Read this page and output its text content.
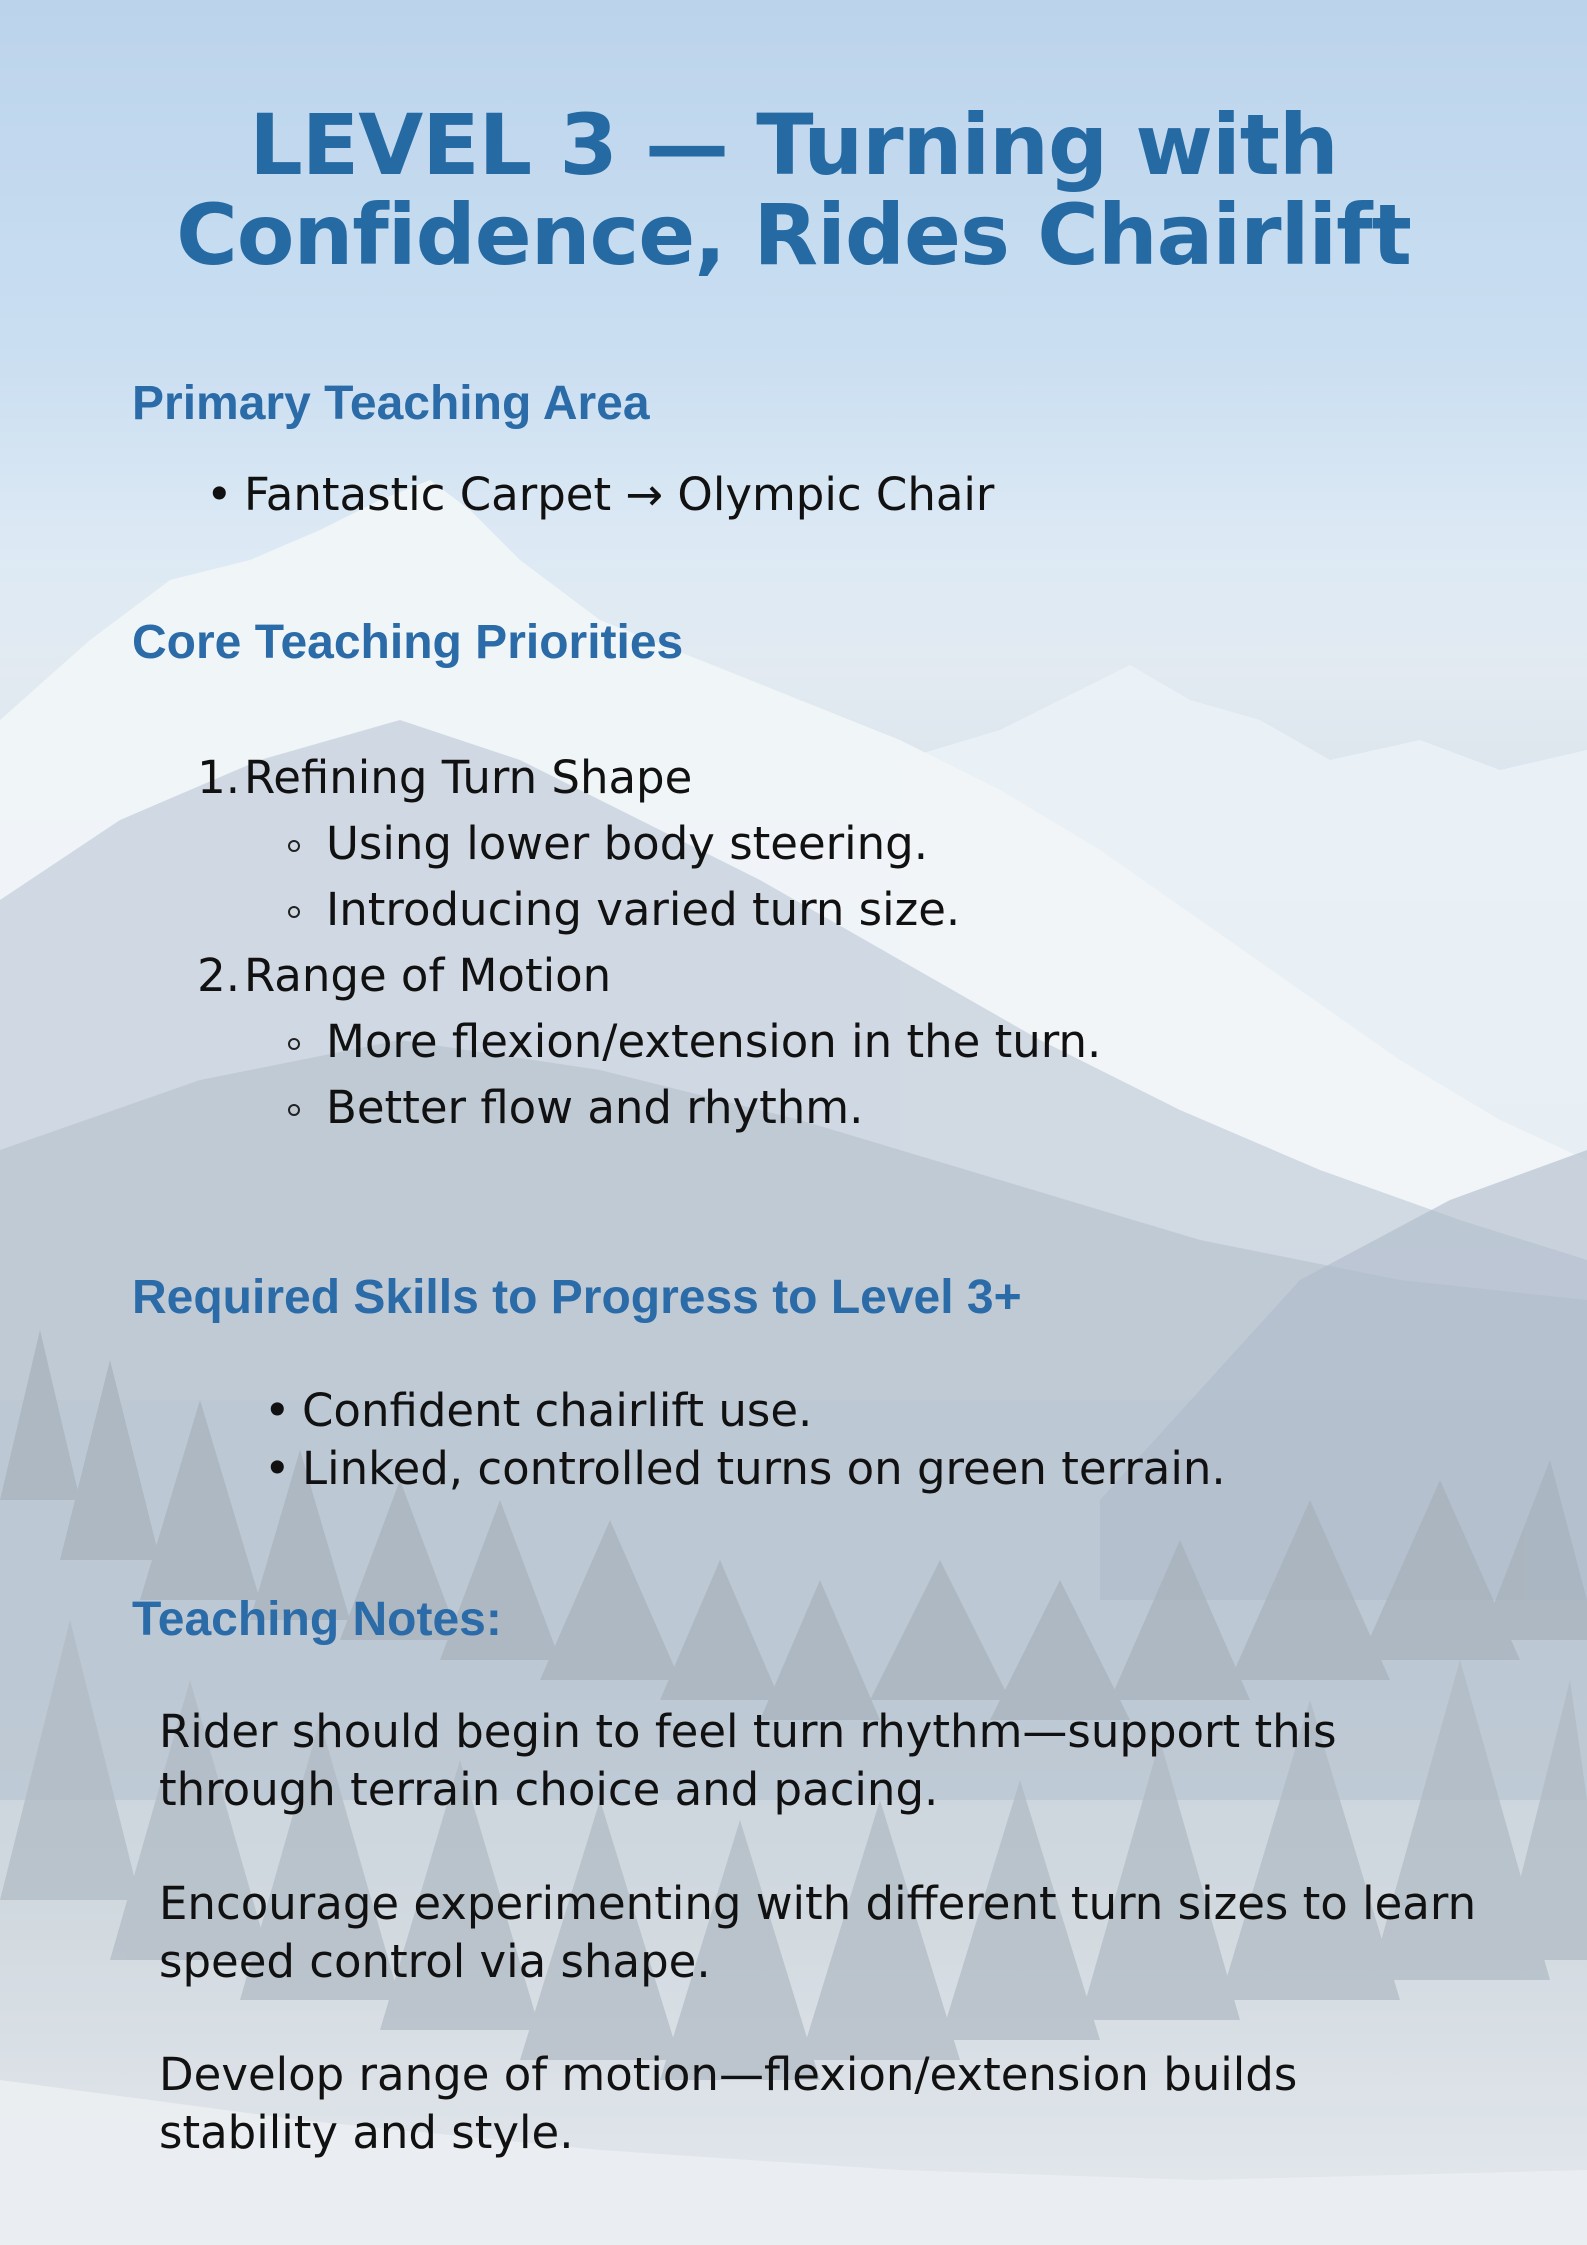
LEVEL 3 — Turning with
Confidence, Rides Chairlift
Primary Teaching Area
• Fantastic Carpet → Olympic Chair
Core Teaching Priorities
1. Refining Turn Shape
Using lower body steering.
Introducing varied turn size.
2. Range of Motion
More flexion/extension in the turn.
Better flow and rhythm.
Required Skills to Progress to Level 3+
• Confident chairlift use.
• Linked, controlled turns on green terrain.
Teaching Notes:

Rider should begin to feel turn rhythm—support this
through terrain choice and pacing.

Encourage experimenting with different turn sizes to learn
speed control via shape.

Develop range of motion—flexion/extension builds
stability and style.
